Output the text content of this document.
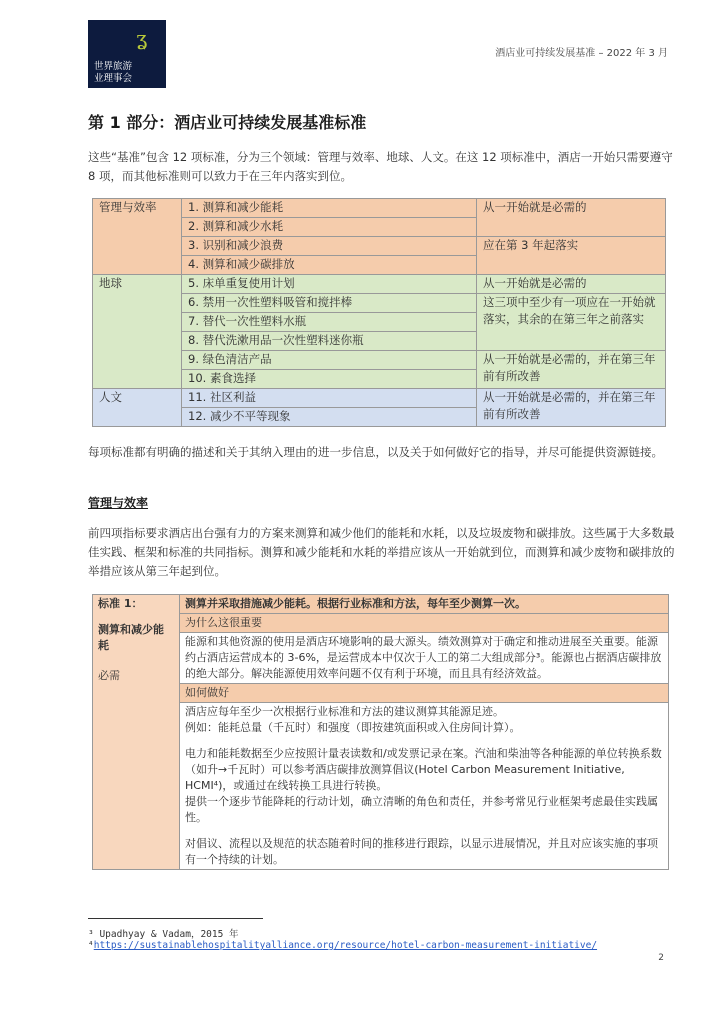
ʓ
世界旅游
业理事会
酒店业可持续发展基准 – 2022 年 3 月
第 1 部分：酒店业可持续发展基准标准

这些“基准”包含 12 项标准，分为三个领域：管理与效率、地球、人文。在这 12 项标准中，酒店一开始只需要遵守 8 项，而其他标准则可以致力于在三年内落实到位。

管理与效率	1. 测算和减少能耗	从一开始就是必需的
	2. 测算和减少水耗	
	3. 识别和减少浪费	应在第 3 年起落实
	4. 测算和减少碳排放	
地球	5. 床单重复使用计划	从一开始就是必需的
	6. 禁用一次性塑料吸管和搅拌棒	这三项中至少有一项应在一开始就落实，其余的在第三年之前落实
	7. 替代一次性塑料水瓶	
	8. 替代洗漱用品一次性塑料迷你瓶	
	9. 绿色清洁产品	从一开始就是必需的，并在第三年前有所改善
	10. 素食选择	
人文	11. 社区利益	从一开始就是必需的，并在第三年前有所改善
	12. 减少不平等现象	

每项标准都有明确的描述和关于其纳入理由的进一步信息，以及关于如何做好它的指导，并尽可能提供资源链接。

管理与效率

前四项指标要求酒店出台强有力的方案来测算和减少他们的能耗和水耗，以及垃圾废物和碳排放。这些属于大多数最佳实践、框架和标准的共同指标。测算和减少能耗和水耗的举措应该从一开始就到位，而测算和减少废物和碳排放的举措应该从第三年起到位。

标准 1：
测算和减少能耗
必需
	测算并采取措施减少能耗。根据行业标准和方法，每年至少测算一次。
为什么这很重要
能源和其他资源的使用是酒店环境影响的最大源头。绩效测算对于确定和推动进展至关重要。能源约占酒店运营成本的 3-6%，是运营成本中仅次于人工的第二大组成部分³。能源也占据酒店碳排放的绝大部分。解决能源使用效率问题不仅有利于环境，而且具有经济效益。
如何做好

酒店应每年至少一次根据行业标准和方法的建议测算其能源足迹。
例如：能耗总量（千瓦时）和强度（即按建筑面积或入住房间计算）。
电力和能耗数据至少应按照计量表读数和/或发票记录在案。汽油和柴油等各种能源的单位转换系数（如升→千瓦时）可以参考酒店碳排放测算倡议(Hotel Carbon Measurement Initiative, HCMI⁴)，或通过在线转换工具进行转换。
提供一个逐步节能降耗的行动计划，确立清晰的角色和责任，并参考常见行业框架考虑最佳实践属性。
对倡议、流程以及规范的状态随着时间的推移进行跟踪，以显示进展情况，并且对应该实施的事项有一个持续的计划。
³ Upadhyay & Vadam，2015 年
⁴https://sustainablehospitalityalliance.org/resource/hotel-carbon-measurement-initiative/
2
